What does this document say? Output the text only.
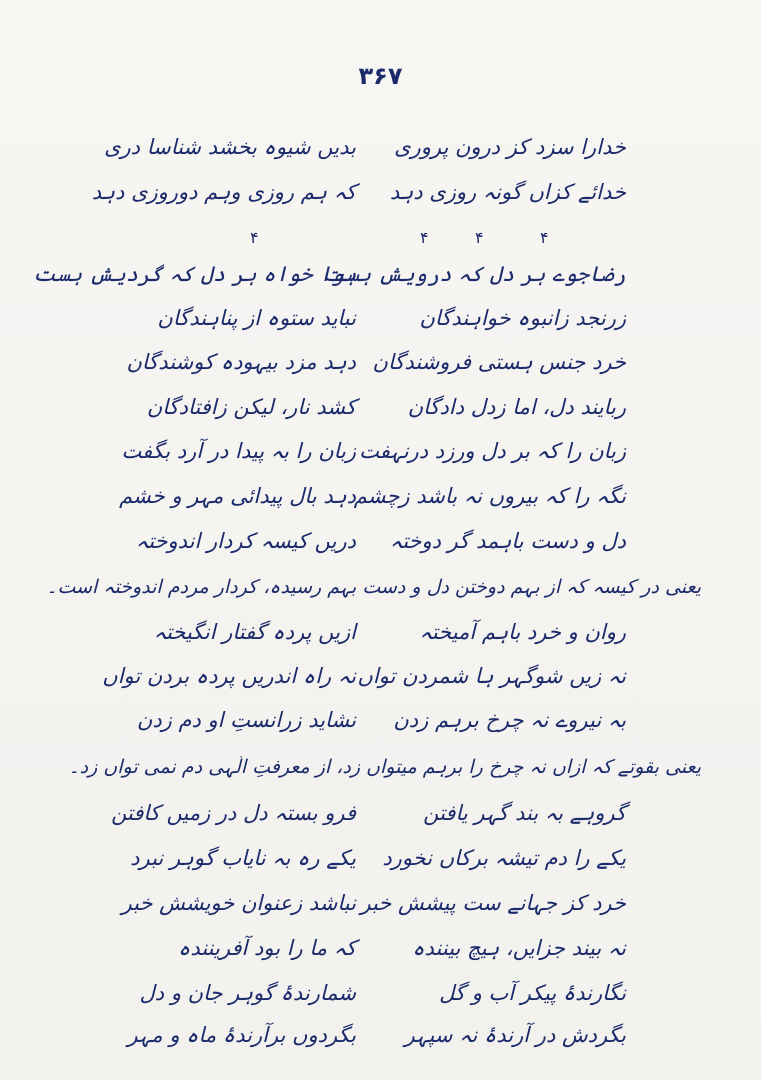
۳۶۷
خدارا سزد کز درون پروری
بدیں شیوہ بخشد شناسا دری
خدائے کزاں گونہ روزی دہد
کہ ہم روزی وہم دوروزی دہد
۴	۴	۴	۴
رضاجوے ہر دل کہ درویش ہست
ہوا خواہ ہر دل کہ گردیش ہست
زرنجد زانبوہ خواہندگان
نباید ستوہ از پناہندگان
خرد جنس ہستی فروشندگان
دہد مزد بیہودہ کوشندگان
ربایند دل، اما زدل دادگان
کشد نار، لیکن زافتادگان
زبان را کہ بر دل ورزد درنہفت
زبان را بہ پیدا در آرد بگفت
نگہ را کہ بیروں نہ باشد زچشم
دہد بال پیدائی مہر و خشم
دل و دست باہمد گر دوختہ
دریں کیسہ کردار اندوختہ
یعنی در کیسہ کہ از بہم دوختنِ دل و دست بہم رسیدہ، کردار مردم اندوختہ است۔
روان و خرد باہم آمیختہ
ازیں پردہ گفتار انگیختہ
نہ زیں شوگہر ہا شمردن تواں
نہ راہ اندریں پردہ بردن تواں
بہ نیروے نہ چرخ برہم زدن
نشاید زرانستِ او دم زدن
یعنی بقوتے کہ ازاں نہ چرخ را برہم میتواں زد، از معرفتِ الٰہی دم نمی تواں زد۔
گروہے بہ بند گہر یافتن
فرو بستہ دل در زمیں کافتن
یکے را دم تیشہ برکاں نخورد
یکے رہ بہ نایاب گوہر نبرد
خرد کز جہانے ست پیشش خبر
نباشد زعنوان خویشش خبر
نہ بیند جزایں، ہیچ بینندہ
کہ ما را بود آفرینندہ
نگارندۂ پیکر آب و گل
شمارندۂ گوہر جان و دل
بگردش در آرندۂ نہ سپہر
بگردوں برآرندۂ ماہ و مہر
